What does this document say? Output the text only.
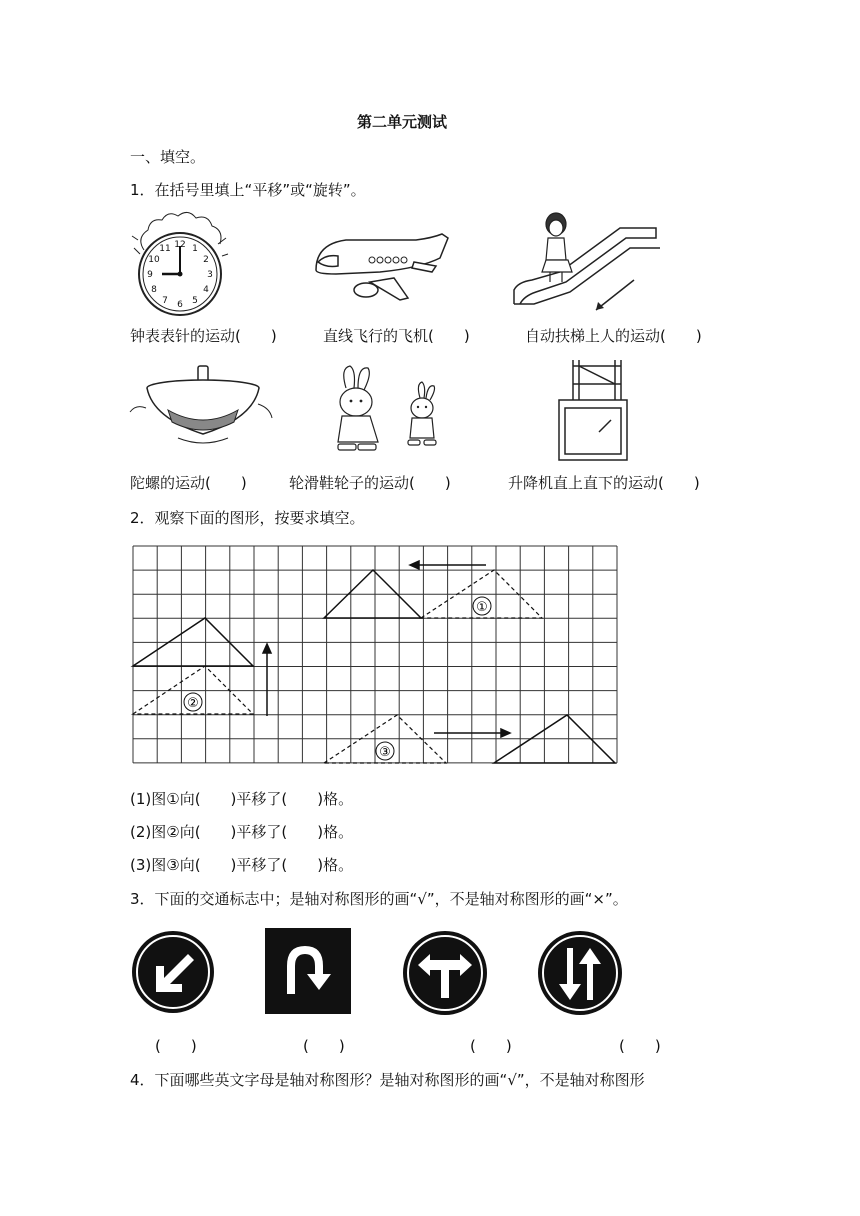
第二单元测试
一、填空。
1．在括号里填上“平移”或“旋转”。
12 1
2
3
4
5
6
7
8
9
10
11
钟表表针的运动(　　)	直线飞行的飞机(　　)	自动扶梯上人的运动(　　)
陀螺的运动(　　)	轮滑鞋轮子的运动(　　)	升降机直上直下的运动(　　)
2．观察下面的图形，按要求填空。
①
②
③
(1)图①向(　　)平移了(　　)格。
(2)图②向(　　)平移了(　　)格。
(3)图③向(　　)平移了(　　)格。
3．下面的交通标志中；是轴对称图形的画“√”，不是轴对称图形的画“×”。
(　　)	(　　)	(　　)	(　　)
4．下面哪些英文字母是轴对称图形？是轴对称图形的画“√”，不是轴对称图形
